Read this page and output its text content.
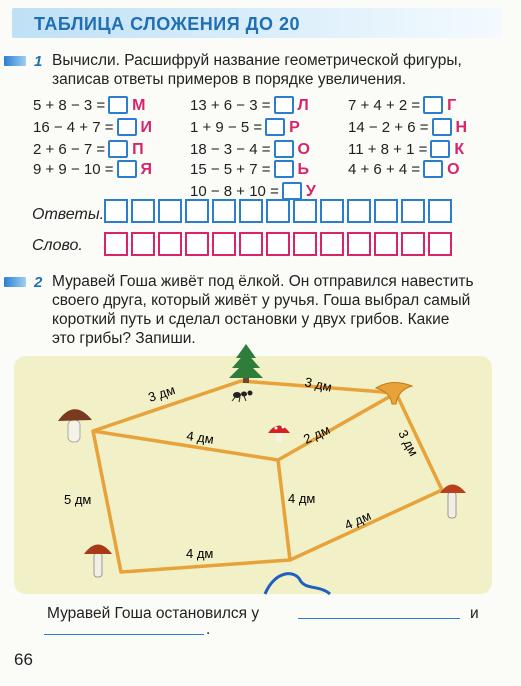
ТАБЛИЦА СЛОЖЕНИЯ ДО 20
1 Вычисли. Расшифруй название геометрической фигуры,
записав ответы примеров в порядке увеличения.
5 + 8 − 3 = М
16 − 4 + 7 = И
2 + 6 − 7 = П
9 + 9 − 10 = Я
13 + 6 − 3 = Л
1 + 9 − 5 = Р
18 − 3 − 4 = О
15 − 5 + 7 = Ь
10 − 8 + 10 = У
7 + 4 + 2 = Г
14 − 2 + 6 = Н
11 + 8 + 1 = К
4 + 6 + 4 = О
Ответы.
Слово.
2 Муравей Гоша живёт под ёлкой. Он отправился навестить
своего друга, который живёт у ручья. Гоша выбрал самый
короткий путь и сделал остановки у двух грибов. Какие
это грибы? Запиши.
3 дм	3 дм
3 дм
4 дм	2 дм
5 дм	4 дм
4 дм
4 дм
Муравей Гоша остановился у	и
.
66
